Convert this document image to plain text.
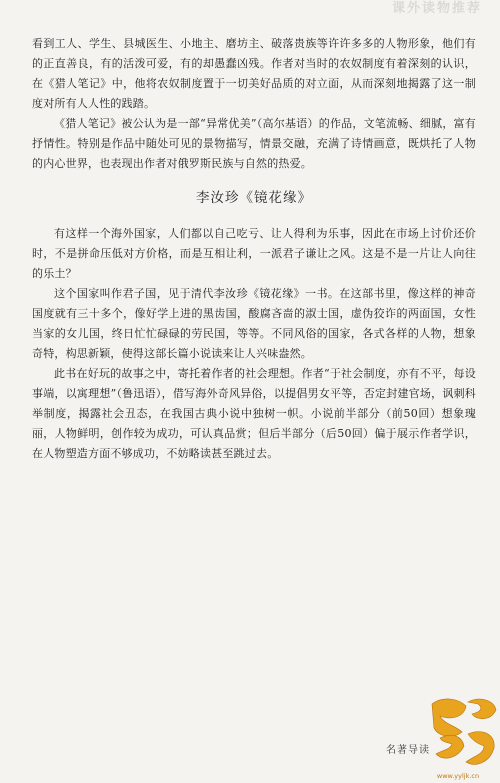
课外读物推荐

看到工人、学生、县城医生、小地主、磨坊主、破落贵族等许许多多的人物形象，他们有的正直善良，有的活泼可爱，有的却愚蠢凶残。作者对当时的农奴制度有着深刻的认识，在《猎人笔记》中，他将农奴制度置于一切美好品质的对立面，从而深刻地揭露了这一制度对所有人人性的践踏。

《猎人笔记》被公认为是一部“异常优美”（高尔基语）的作品，文笔流畅、细腻，富有抒情性。特别是作品中随处可见的景物描写，情景交融，充满了诗情画意，既烘托了人物的内心世界，也表现出作者对俄罗斯民族与自然的热爱。

李汝珍《镜花缘》

有这样一个海外国家，人们都以自己吃亏、让人得利为乐事，因此在市场上讨价还价时，不是拼命压低对方价格，而是互相让利，一派君子谦让之风。这是不是一片让人向往的乐土？

这个国家叫作君子国，见于清代李汝珍《镜花缘》一书。在这部书里，像这样的神奇国度就有三十多个，像好学上进的黑齿国，酸腐吝啬的淑士国，虚伪狡诈的两面国，女性当家的女儿国，终日忙忙碌碌的劳民国，等等。不同风俗的国家，各式各样的人物，想象奇特，构思新颖，使得这部长篇小说读来让人兴味盎然。

此书在好玩的故事之中，寄托着作者的社会理想。作者“于社会制度，亦有不平，每设事端，以寓理想”（鲁迅语），借写海外奇风异俗，以提倡男女平等，否定封建官场，讽刺科举制度，揭露社会丑态，在我国古典小说中独树一帜。小说前半部分（前50回）想象瑰丽，人物鲜明，创作较为成功，可认真品赏；但后半部分（后50回）偏于展示作者学识，在人物塑造方面不够成功，不妨略读甚至跳过去。

名著导读
www.yyljk.cn
